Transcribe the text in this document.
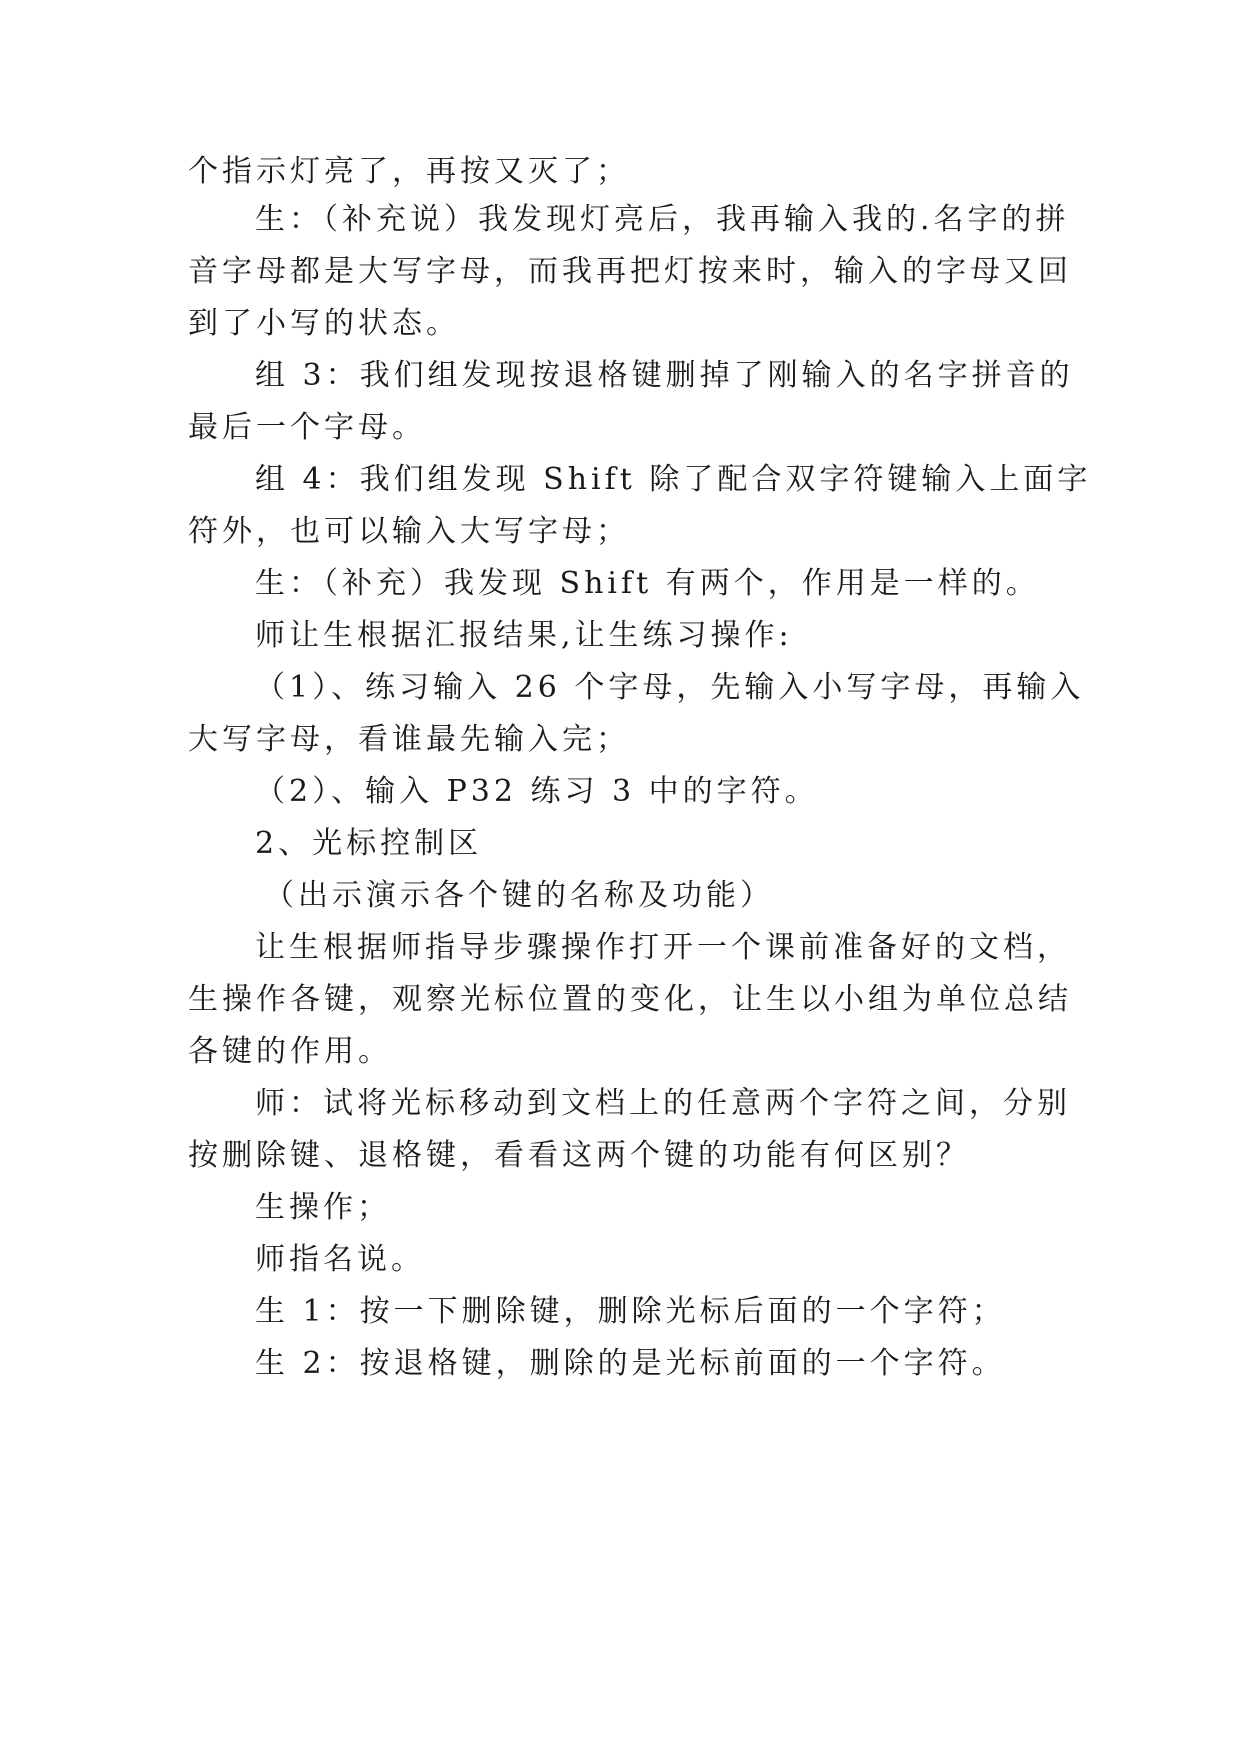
个指示灯亮了，再按又灭了；
生：（补充说）我发现灯亮后，我再输入我的.名字的拼
音字母都是大写字母，而我再把灯按来时，输入的字母又回
到了小写的状态。
组 3：我们组发现按退格键删掉了刚输入的名字拼音的
最后一个字母。
组 4：我们组发现 Shift 除了配合双字符键输入上面字
符外，也可以输入大写字母；
生：（补充）我发现 Shift 有两个，作用是一样的。
师让生根据汇报结果,让生练习操作:
（1）、练习输入 26 个字母，先输入小写字母，再输入
大写字母，看谁最先输入完；
（2）、输入 P32 练习 3 中的字符。
2、光标控制区
（出示演示各个键的名称及功能）
让生根据师指导步骤操作打开一个课前准备好的文档，
生操作各键，观察光标位置的变化，让生以小组为单位总结
各键的作用。
师：试将光标移动到文档上的任意两个字符之间，分别
按删除键、退格键，看看这两个键的功能有何区别？
生操作；
师指名说。
生 1：按一下删除键，删除光标后面的一个字符；
生 2：按退格键，删除的是光标前面的一个字符。
